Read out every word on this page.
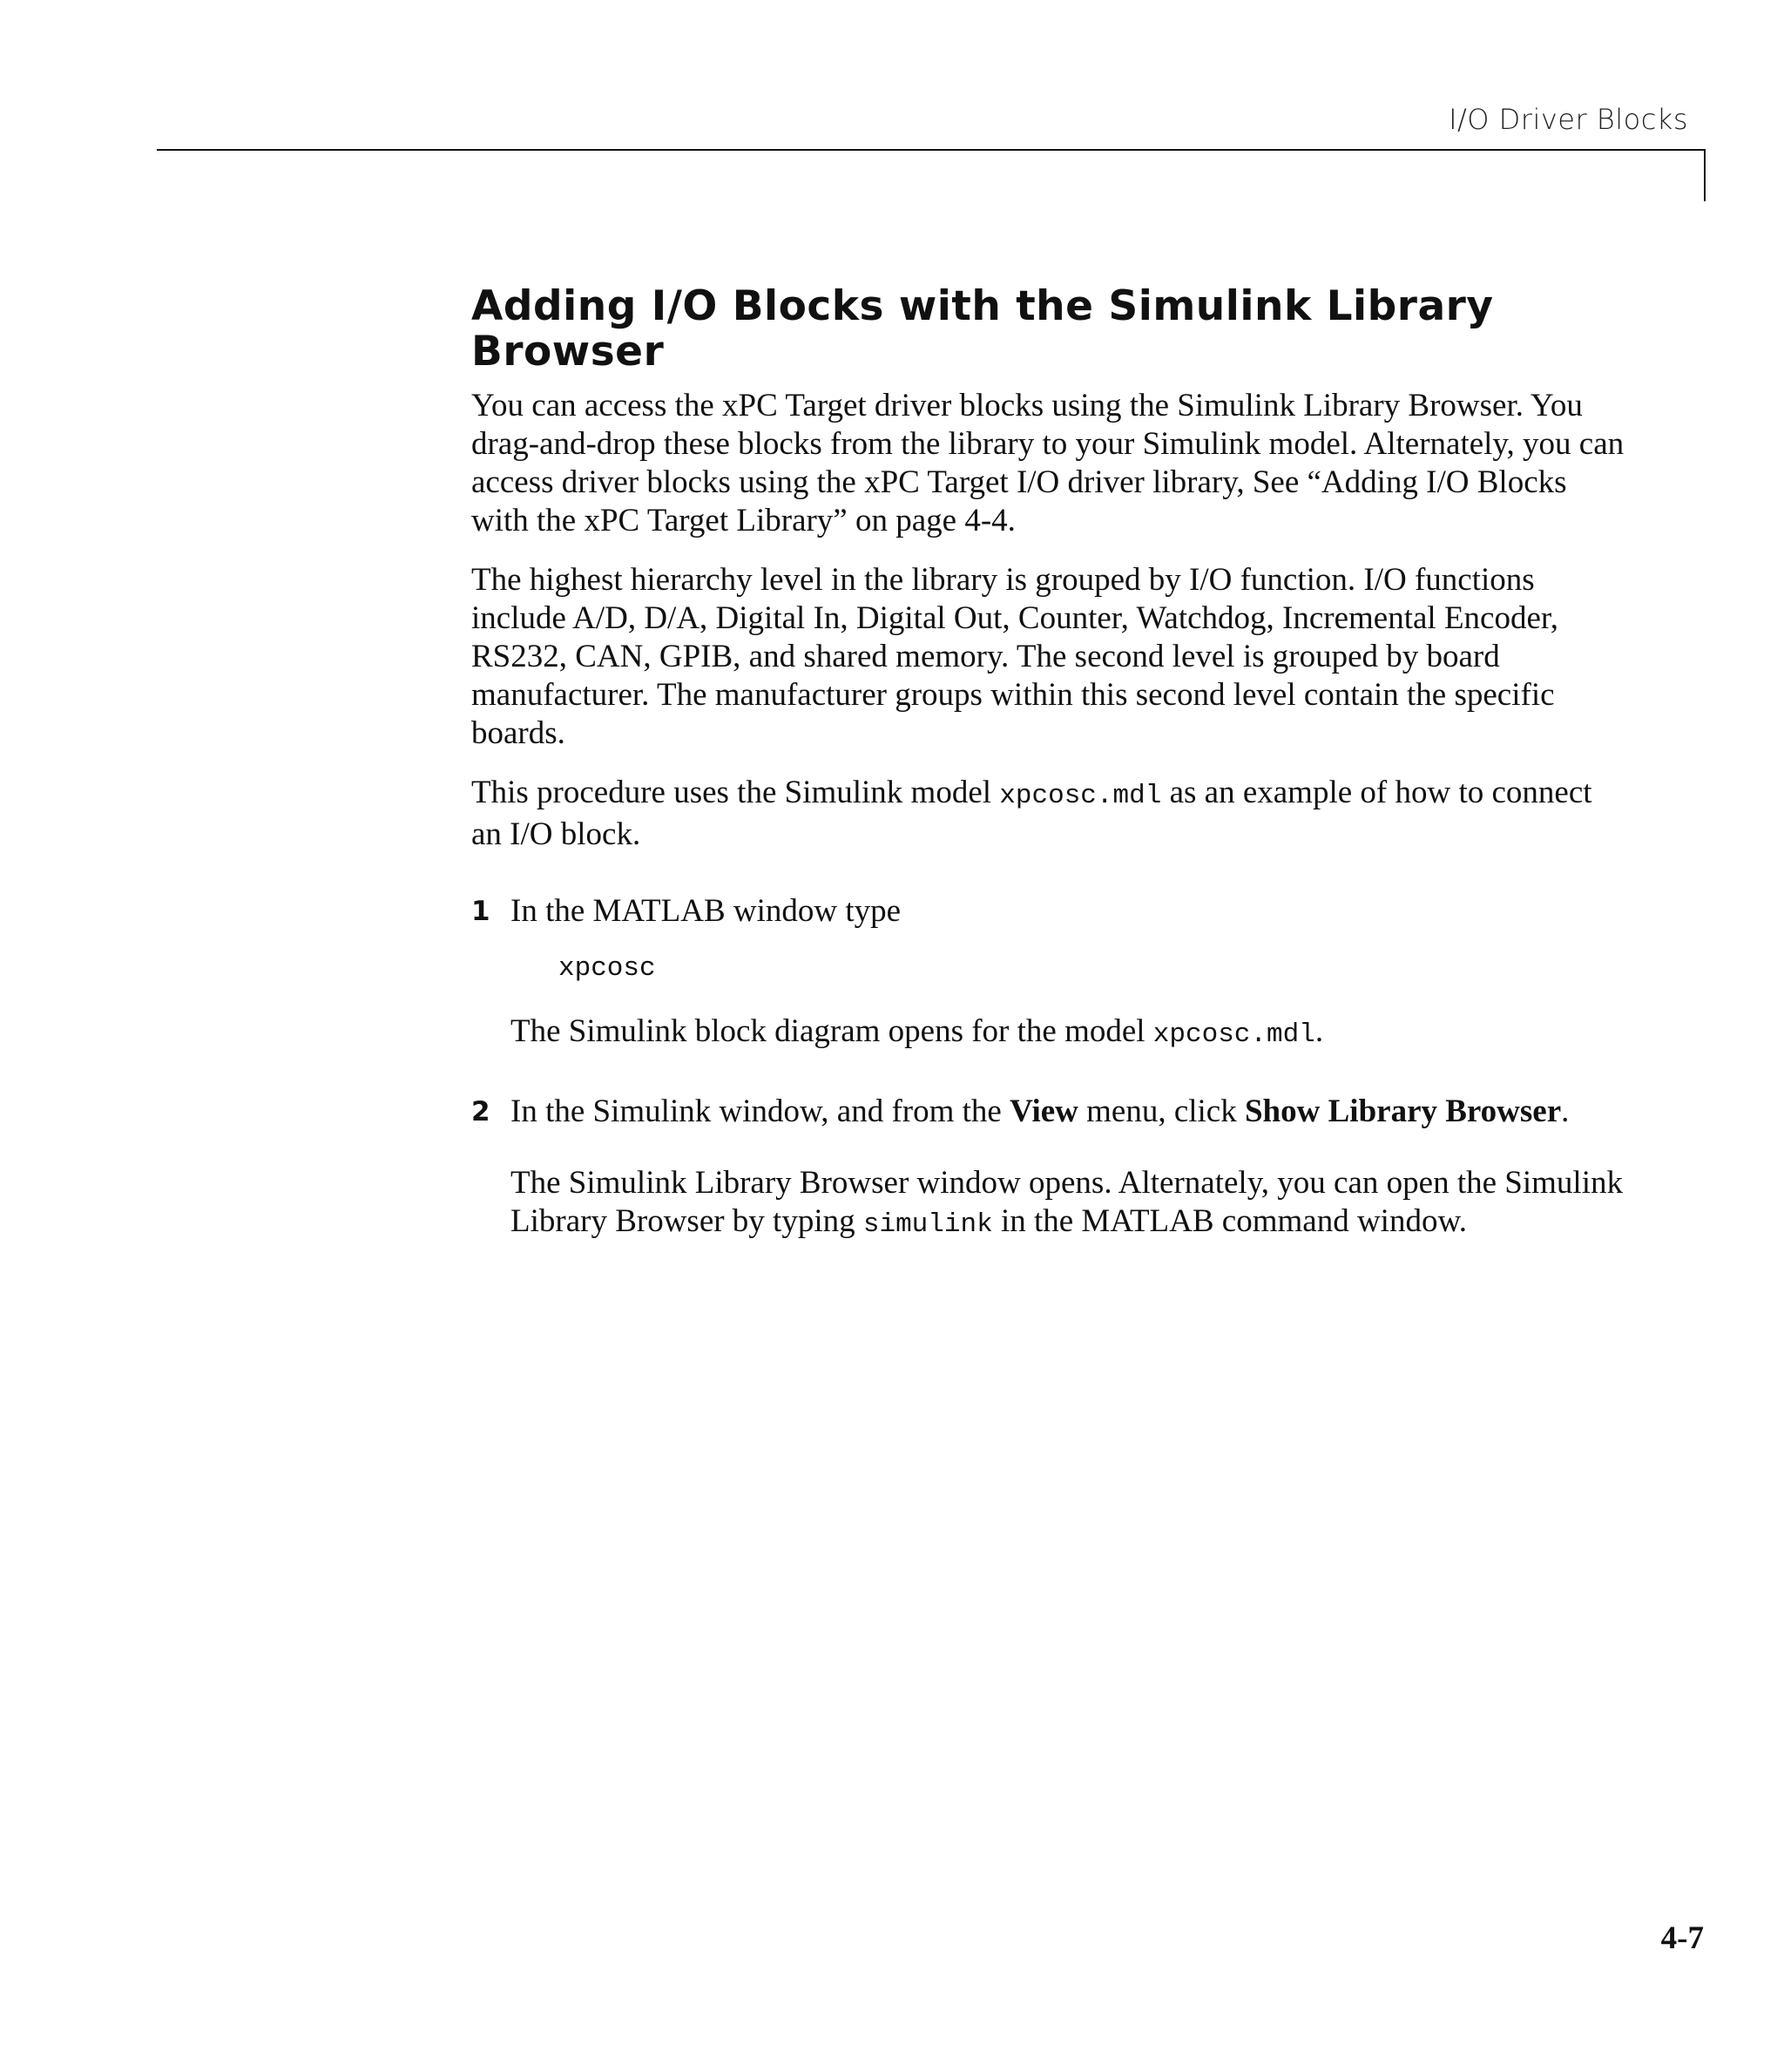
I/O Driver Blocks
Adding I/O Blocks with the Simulink Library Browser

You can access the xPC Target driver blocks using the Simulink Library Browser. You drag-and-drop these blocks from the library to your Simulink model. Alternately, you can access driver blocks using the xPC Target I/O driver library, See “Adding I/O Blocks with the xPC Target Library” on page 4-4.

The highest hierarchy level in the library is grouped by I/O function. I/O functions include A/D, D/A, Digital In, Digital Out, Counter, Watchdog, Incremental Encoder, RS232, CAN, GPIB, and shared memory. The second level is grouped by board manufacturer. The manufacturer groups within this second level contain the specific boards.

This procedure uses the Simulink model xpcosc.mdl as an example of how to connect an I/O block.

1 In the MATLAB window type

xpcosc

The Simulink block diagram opens for the model xpcosc.mdl.

2 In the Simulink window, and from the View menu, click Show Library Browser.

The Simulink Library Browser window opens. Alternately, you can open the Simulink Library Browser by typing simulink in the MATLAB command window.

4-7
